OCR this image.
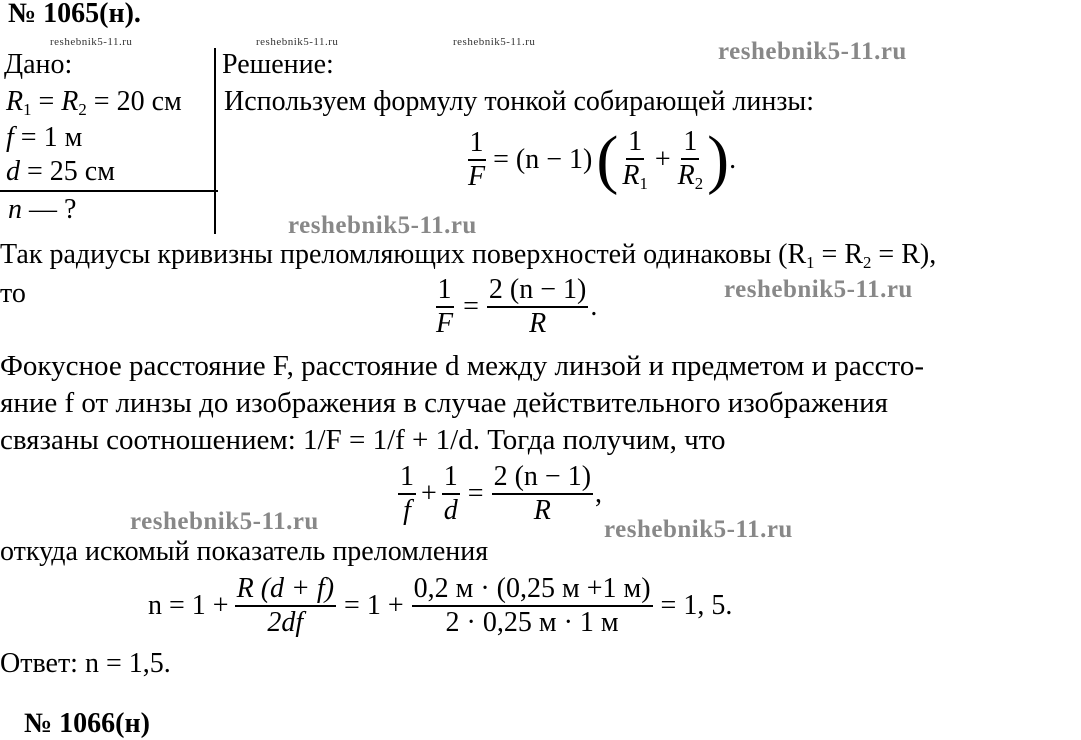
№ 1065(н).
reshebnik5-11.ru	reshebnik5-11.ru	reshebnik5-11.ru	reshebnik5-11.ru
Дано:
$R_1 = R_2 = 20$ см
f = 1 м
d = 25 см
n — ?
Решение:
Используем формулу тонкой собирающей линзы:
$\frac{1}{F} = (n - 1)$ ( $\frac{1}{R_1} + \frac{1}{R_2}$ ) .
reshebnik5-11.ru
Так радиусы кривизны преломляющих поверхностей одинаковы $(R_1 = R_2 = R)$,
то	$\frac{1}{F} = \frac{2 (n - 1)}{R}$ .
reshebnik5-11.ru
Фокусное расстояние F, расстояние d между линзой и предметом и рассто-
яние f от линзы до изображения в случае действительного изображения
связаны соотношением: 1/F = 1/f + 1/d. Тогда получим, что
$\frac{1}{f} + \frac{1}{d} = \frac{2 (n - 1)}{R}$ ,
reshebnik5-11.ru	reshebnik5-11.ru
откуда искомый показатель преломления
$n = 1 + \frac{R (d + f)}{2df} = 1 + \frac{0,2 м \cdot (0,25 м +1 м)}{2 \cdot 0,25 м \cdot 1 м} = 1$, 5.
Ответ: n = 1,5.
№ 1066(н)
